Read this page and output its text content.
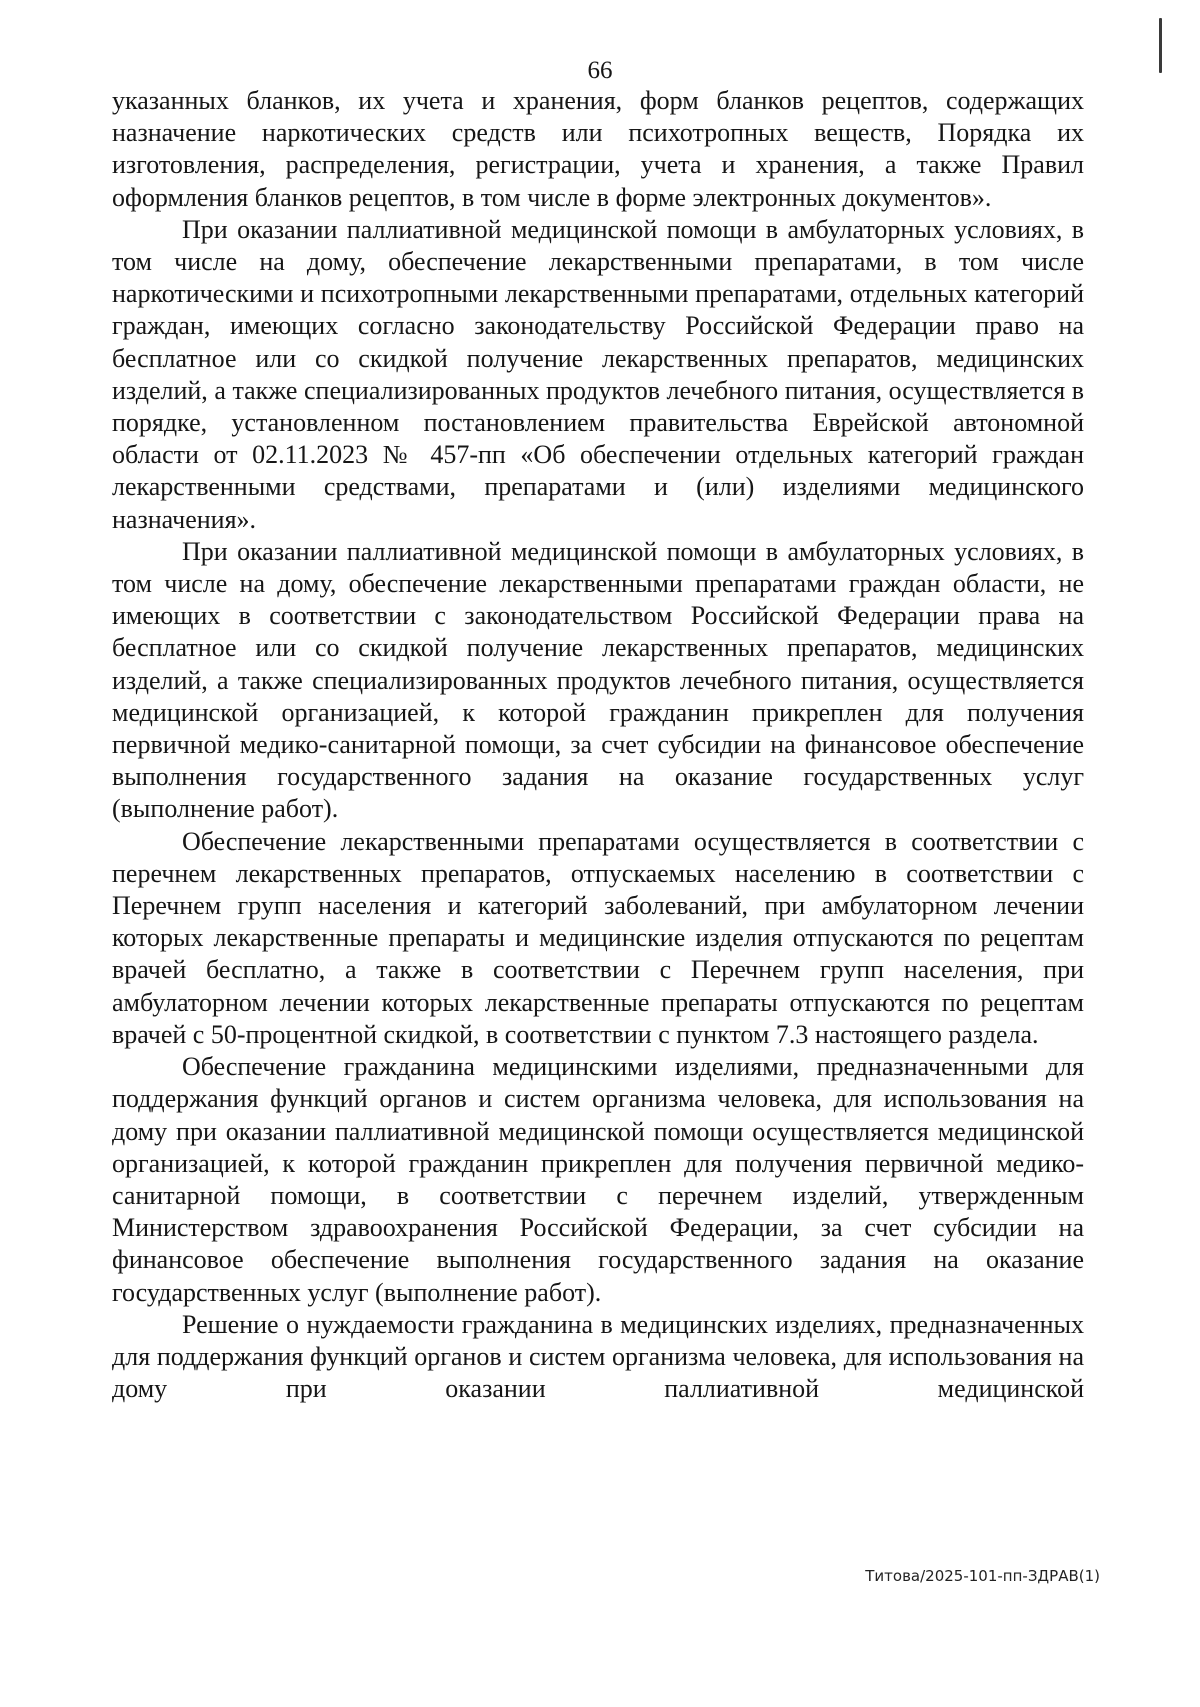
66

указанных бланков, их учета и хранения, форм бланков рецептов, содержащих назначение наркотических средств или психотропных веществ, Порядка их изготовления, распределения, регистрации, учета и хранения, а также Правил оформления бланков рецептов, в том числе в форме электронных документов».

При оказании паллиативной медицинской помощи в амбулаторных условиях, в том числе на дому, обеспечение лекарственными препаратами, в том числе наркотическими и психотропными лекарственными препаратами, отдельных категорий граждан, имеющих согласно законодательству Российской Федерации право на бесплатное или со скидкой получение лекарственных препаратов, медицинских изделий, а также специализированных продуктов лечебного питания, осуществляется в порядке, установленном постановлением правительства Еврейской автономной области от 02.11.2023 № 457-пп «Об обеспечении отдельных категорий граждан лекарственными средствами, препаратами и (или) изделиями медицинского назначения».

При оказании паллиативной медицинской помощи в амбулаторных условиях, в том числе на дому, обеспечение лекарственными препаратами граждан области, не имеющих в соответствии с законодательством Российской Федерации права на бесплатное или со скидкой получение лекарственных препаратов, медицинских изделий, а также специализированных продуктов лечебного питания, осуществляется медицинской организацией, к которой гражданин прикреплен для получения первичной медико-санитарной помощи, за счет субсидии на финансовое обеспечение выполнения государственного задания на оказание государственных услуг (выполнение работ).

Обеспечение лекарственными препаратами осуществляется в соответствии с перечнем лекарственных препаратов, отпускаемых населению в соответствии с Перечнем групп населения и категорий заболеваний, при амбулаторном лечении которых лекарственные препараты и медицинские изделия отпускаются по рецептам врачей бесплатно, а также в соответствии с Перечнем групп населения, при амбулаторном лечении которых лекарственные препараты отпускаются по рецептам врачей с 50-процентной скидкой, в соответствии с пунктом 7.3 настоящего раздела.

Обеспечение гражданина медицинскими изделиями, предназначенными для поддержания функций органов и систем организма человека, для использования на дому при оказании паллиативной медицинской помощи осуществляется медицинской организацией, к которой гражданин прикреплен для получения первичной медико-санитарной помощи, в соответствии с перечнем изделий, утвержденным Министерством здравоохранения Российской Федерации, за счет субсидии на финансовое обеспечение выполнения государственного задания на оказание государственных услуг (выполнение работ).

Решение о нуждаемости гражданина в медицинских изделиях, предназначенных для поддержания функций органов и систем организма человека, для использования на дому при оказании паллиативной медицинской

Титова/2025-101-пп-ЗДРАВ(1)
